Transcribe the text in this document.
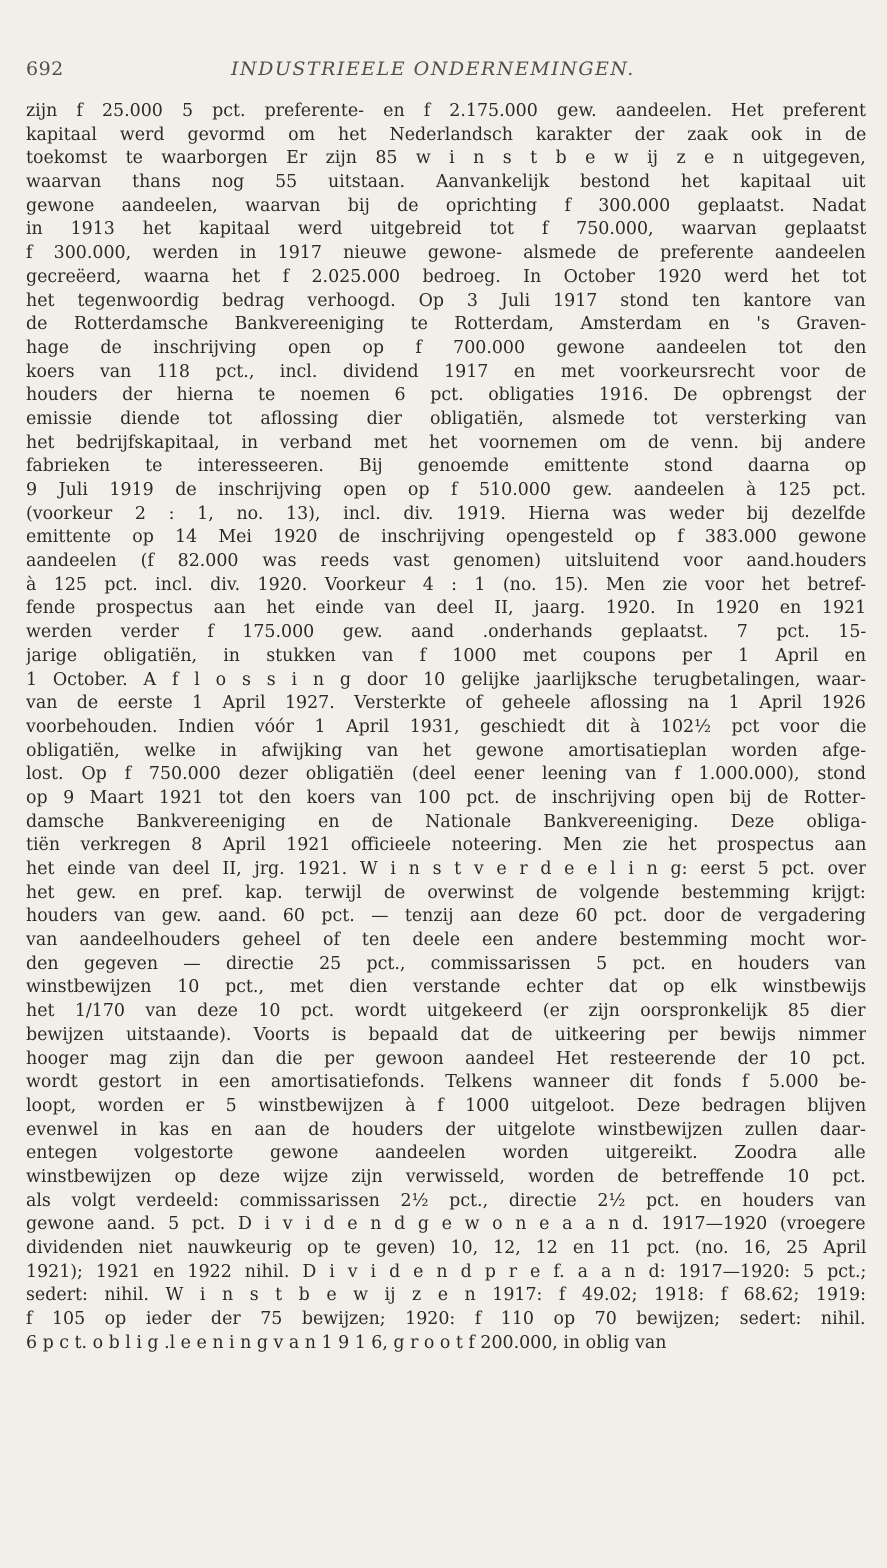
692	INDUSTRIEELE ONDERNEMINGEN.
zijn f 25.000 5 pct. preferente- en f 2.175.000 gew. aandeelen. Het preferent
kapitaal werd gevormd om het Nederlandsch karakter der zaak ook in de
toekomst te waarborgen Er zijn 85 w i n s t b e w ij z e n uitgegeven,
waarvan thans nog 55 uitstaan. Aanvankelijk bestond het kapitaal uit
gewone aandeelen, waarvan bij de oprichting f 300.000 geplaatst. Nadat
in 1913 het kapitaal werd uitgebreid tot f 750.000, waarvan geplaatst
f 300.000, werden in 1917 nieuwe gewone- alsmede de preferente aandeelen
gecreëerd, waarna het f 2.025.000 bedroeg. In October 1920 werd het tot
het tegenwoordig bedrag verhoogd. Op 3 Juli 1917 stond ten kantore van
de Rotterdamsche Bankvereeniging te Rotterdam, Amsterdam en 's Graven-
hage de inschrijving open op f 700.000 gewone aandeelen tot den
koers van 118 pct., incl. dividend 1917 en met voorkeursrecht voor de
houders der hierna te noemen 6 pct. obligaties 1916. De opbrengst der
emissie diende tot aflossing dier obligatiën, alsmede tot versterking van
het bedrijfskapitaal, in verband met het voornemen om de venn. bij andere
fabrieken te interesseeren. Bij genoemde emittente stond daarna op
9 Juli 1919 de inschrijving open op f 510.000 gew. aandeelen à 125 pct.
(voorkeur 2 : 1, no. 13), incl. div. 1919. Hierna was weder bij dezelfde
emittente op 14 Mei 1920 de inschrijving opengesteld op f 383.000 gewone
aandeelen (f 82.000 was reeds vast genomen) uitsluitend voor aand.houders
à 125 pct. incl. div. 1920. Voorkeur 4 : 1 (no. 15). Men zie voor het betref-
fende prospectus aan het einde van deel II, jaarg. 1920. In 1920 en 1921
werden verder f 175.000 gew. aand .onderhands geplaatst. 7 pct. 15-
jarige obligatiën, in stukken van f 1000 met coupons per 1 April en
1 October. A f l o s s i n g door 10 gelijke jaarlijksche terugbetalingen, waar-
van de eerste 1 April 1927. Versterkte of geheele aflossing na 1 April 1926
voorbehouden. Indien vóór 1 April 1931, geschiedt dit à 102½ pct voor die
obligatiën, welke in afwijking van het gewone amortisatieplan worden afge-
lost. Op f 750.000 dezer obligatiën (deel eener leening van f 1.000.000), stond
op 9 Maart 1921 tot den koers van 100 pct. de inschrijving open bij de Rotter-
damsche Bankvereeniging en de Nationale Bankvereeniging. Deze obliga-
tiën verkregen 8 April 1921 officieele noteering. Men zie het prospectus aan
het einde van deel II, jrg. 1921. W i n s t v e r d e e l i n g: eerst 5 pct. over
het gew. en pref. kap. terwijl de overwinst de volgende bestemming krijgt:
houders van gew. aand. 60 pct. — tenzij aan deze 60 pct. door de vergadering
van aandeelhouders geheel of ten deele een andere bestemming mocht wor-
den gegeven — directie 25 pct., commissarissen 5 pct. en houders van
winstbewijzen 10 pct., met dien verstande echter dat op elk winstbewijs
het 1/170 van deze 10 pct. wordt uitgekeerd (er zijn oorspronkelijk 85 dier
bewijzen uitstaande). Voorts is bepaald dat de uitkeering per bewijs nimmer
hooger mag zijn dan die per gewoon aandeel Het resteerende der 10 pct.
wordt gestort in een amortisatiefonds. Telkens wanneer dit fonds f 5.000 be-
loopt, worden er 5 winstbewijzen à f 1000 uitgeloot. Deze bedragen blijven
evenwel in kas en aan de houders der uitgelote winstbewijzen zullen daar-
entegen volgestorte gewone aandeelen worden uitgereikt. Zoodra alle
winstbewijzen op deze wijze zijn verwisseld, worden de betreffende 10 pct.
als volgt verdeeld: commissarissen 2½ pct., directie 2½ pct. en houders van
gewone aand. 5 pct. D i v i d e n d g e w o n e a a n d. 1917—1920 (vroegere
dividenden niet nauwkeurig op te geven) 10, 12, 12 en 11 pct. (no. 16, 25 April
1921); 1921 en 1922 nihil. D i v i d e n d p r e f. a a n d: 1917—1920: 5 pct.;
sedert: nihil. W i n s t b e w ij z e n 1917: f 49.02; 1918: f 68.62; 1919:
f 105 op ieder der 75 bewijzen; 1920: f 110 op 70 bewijzen; sedert: nihil.
6 p c t. o b l i g .l e e n i n g v a n 1 9 1 6, g r o o t f 200.000, in oblig van
